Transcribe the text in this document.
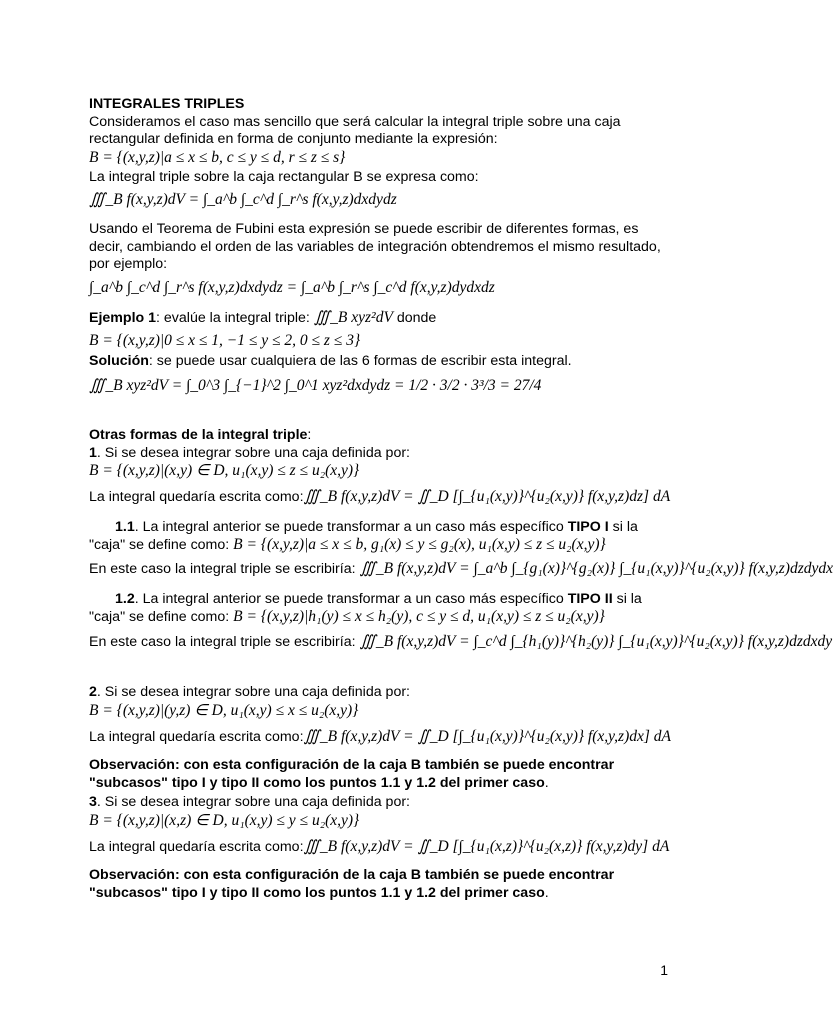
INTEGRALES TRIPLES
Consideramos el caso mas sencillo que será calcular la integral triple sobre una caja
rectangular definida en forma de conjunto mediante la expresión:
B = {(x,y,z)|a ≤ x ≤ b, c ≤ y ≤ d, r ≤ z ≤ s}
La integral triple sobre la caja rectangular B se expresa como:
∭_B f(x,y,z)dV = ∫_a^b ∫_c^d ∫_r^s f(x,y,z)dxdydz
Usando el Teorema de Fubini esta expresión se puede escribir de diferentes formas, es
decir, cambiando el orden de las variables de integración obtendremos el mismo resultado,
por ejemplo:
∫_a^b ∫_c^d ∫_r^s f(x,y,z)dxdydz = ∫_a^b ∫_r^s ∫_c^d f(x,y,z)dydxdz
Ejemplo 1: evalúe la integral triple: ∭_B xyz²dV donde
B = {(x,y,z)|0 ≤ x ≤ 1, −1 ≤ y ≤ 2, 0 ≤ z ≤ 3}
Solución: se puede usar cualquiera de las 6 formas de escribir esta integral.
∭_B xyz²dV = ∫_0^3 ∫_{−1}^2 ∫_0^1 xyz²dxdydz = 1/2 · 3/2 · 3³/3 = 27/4
Otras formas de la integral triple:
1. Si se desea integrar sobre una caja definida por:
B = {(x,y,z)|(x,y) ∈ D, u₁(x,y) ≤ z ≤ u₂(x,y)}
La integral quedaría escrita como:∭_B f(x,y,z)dV = ∬_D [∫_{u₁(x,y)}^{u₂(x,y)} f(x,y,z)dz] dA
1.1. La integral anterior se puede transformar a un caso más específico TIPO I si la
"caja" se define como: B = {(x,y,z)|a ≤ x ≤ b, g₁(x) ≤ y ≤ g₂(x), u₁(x,y) ≤ z ≤ u₂(x,y)}
En este caso la integral triple se escribiría: ∭_B f(x,y,z)dV = ∫_a^b ∫_{g₁(x)}^{g₂(x)} ∫_{u₁(x,y)}^{u₂(x,y)} f(x,y,z)dzdydx
1.2. La integral anterior se puede transformar a un caso más específico TIPO II si la
"caja" se define como: B = {(x,y,z)|h₁(y) ≤ x ≤ h₂(y), c ≤ y ≤ d, u₁(x,y) ≤ z ≤ u₂(x,y)}
En este caso la integral triple se escribiría: ∭_B f(x,y,z)dV = ∫_c^d ∫_{h₁(y)}^{h₂(y)} ∫_{u₁(x,y)}^{u₂(x,y)} f(x,y,z)dzdxdy
2. Si se desea integrar sobre una caja definida por:
B = {(x,y,z)|(y,z) ∈ D, u₁(x,y) ≤ x ≤ u₂(x,y)}
La integral quedaría escrita como:∭_B f(x,y,z)dV = ∬_D [∫_{u₁(x,y)}^{u₂(x,y)} f(x,y,z)dx] dA
Observación: con esta configuración de la caja B también se puede encontrar
"subcasos" tipo I y tipo II como los puntos 1.1 y 1.2 del primer caso.
3. Si se desea integrar sobre una caja definida por:
B = {(x,y,z)|(x,z) ∈ D, u₁(x,y) ≤ y ≤ u₂(x,y)}
La integral quedaría escrita como:∭_B f(x,y,z)dV = ∬_D [∫_{u₁(x,z)}^{u₂(x,z)} f(x,y,z)dy] dA
Observación: con esta configuración de la caja B también se puede encontrar
"subcasos" tipo I y tipo II como los puntos 1.1 y 1.2 del primer caso.
1
